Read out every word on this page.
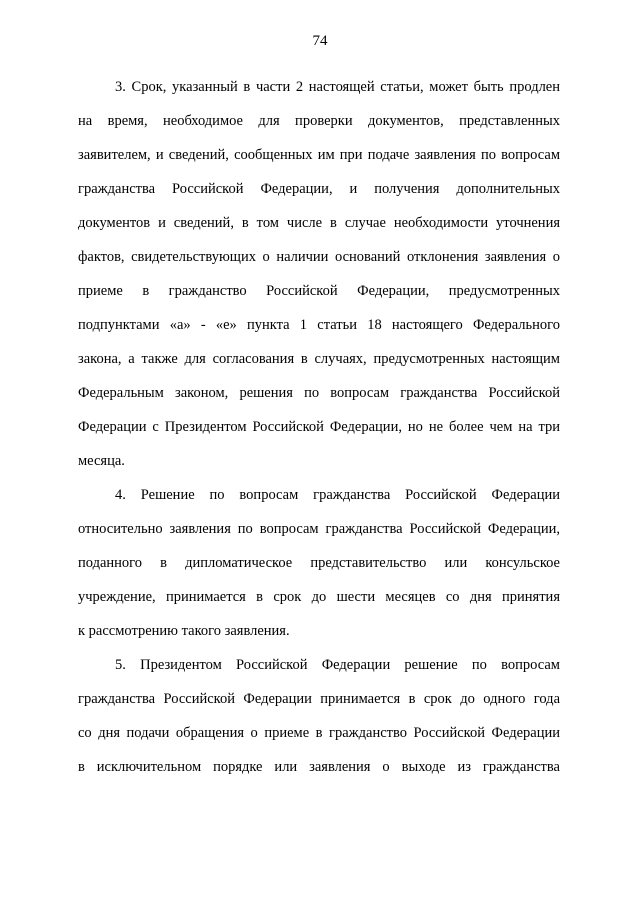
74
3. Срок, указанный в части 2 настоящей статьи, может быть продлен
на время, необходимое для проверки документов, представленных
заявителем, и сведений, сообщенных им при подаче заявления по вопросам
гражданства Российской Федерации, и получения дополнительных
документов и сведений, в том числе в случае необходимости уточнения
фактов, свидетельствующих о наличии оснований отклонения заявления о
приеме в гражданство Российской Федерации, предусмотренных
подпунктами «а» - «е» пункта 1 статьи 18 настоящего Федерального
закона, а также для согласования в случаях, предусмотренных настоящим
Федеральным законом, решения по вопросам гражданства Российской
Федерации с Президентом Российской Федерации, но не более чем на три
месяца.
4. Решение по вопросам гражданства Российской Федерации
относительно заявления по вопросам гражданства Российской Федерации,
поданного в дипломатическое представительство или консульское
учреждение, принимается в срок до шести месяцев со дня принятия
к рассмотрению такого заявления.
5. Президентом Российской Федерации решение по вопросам
гражданства Российской Федерации принимается в срок до одного года
со дня подачи обращения о приеме в гражданство Российской Федерации
в исключительном порядке или заявления о выходе из гражданства
